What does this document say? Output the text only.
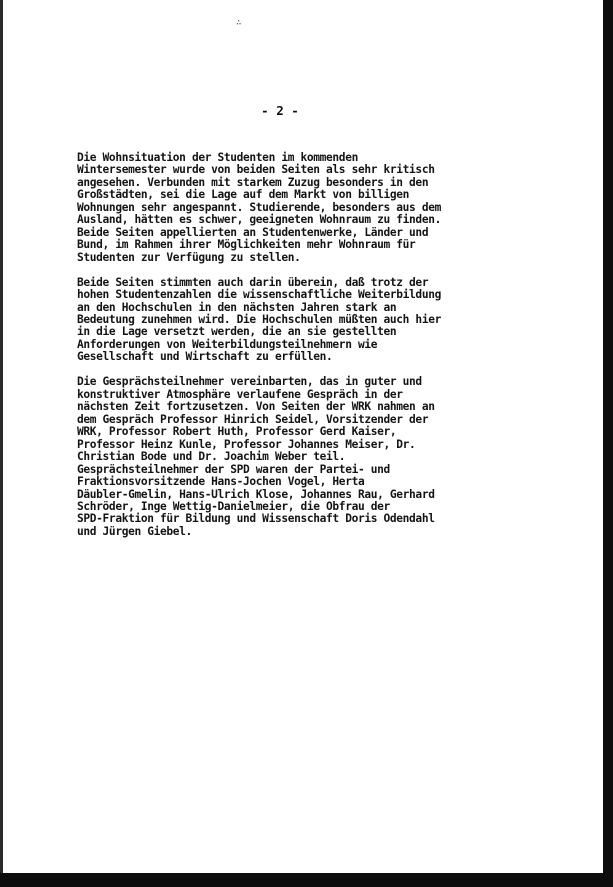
∴
- 2 -
Die Wohnsituation der Studenten im kommenden
Wintersemester wurde von beiden Seiten als sehr kritisch
angesehen. Verbunden mit starkem Zuzug besonders in den
Großstädten, sei die Lage auf dem Markt von billigen
Wohnungen sehr angespannt. Studierende, besonders aus dem
Ausland, hätten es schwer, geeigneten Wohnraum zu finden.
Beide Seiten appellierten an Studentenwerke, Länder und
Bund, im Rahmen ihrer Möglichkeiten mehr Wohnraum für
Studenten zur Verfügung zu stellen.
Beide Seiten stimmten auch darin überein, daß trotz der
hohen Studentenzahlen die wissenschaftliche Weiterbildung
an den Hochschulen in den nächsten Jahren stark an
Bedeutung zunehmen wird. Die Hochschulen müßten auch hier
in die Lage versetzt werden, die an sie gestellten
Anforderungen von Weiterbildungsteilnehmern wie
Gesellschaft und Wirtschaft zu erfüllen.
Die Gesprächsteilnehmer vereinbarten, das in guter und
konstruktiver Atmosphäre verlaufene Gespräch in der
nächsten Zeit fortzusetzen. Von Seiten der WRK nahmen an
dem Gespräch Professor Hinrich Seidel, Vorsitzender der
WRK, Professor Robert Huth, Professor Gerd Kaiser,
Professor Heinz Kunle, Professor Johannes Meiser, Dr.
Christian Bode und Dr. Joachim Weber teil.
Gesprächsteilnehmer der SPD waren der Partei- und
Fraktionsvorsitzende Hans-Jochen Vogel, Herta
Däubler-Gmelin, Hans-Ulrich Klose, Johannes Rau, Gerhard
Schröder, Inge Wettig-Danielmeier, die Obfrau der
SPD-Fraktion für Bildung und Wissenschaft Doris Odendahl
und Jürgen Giebel.
